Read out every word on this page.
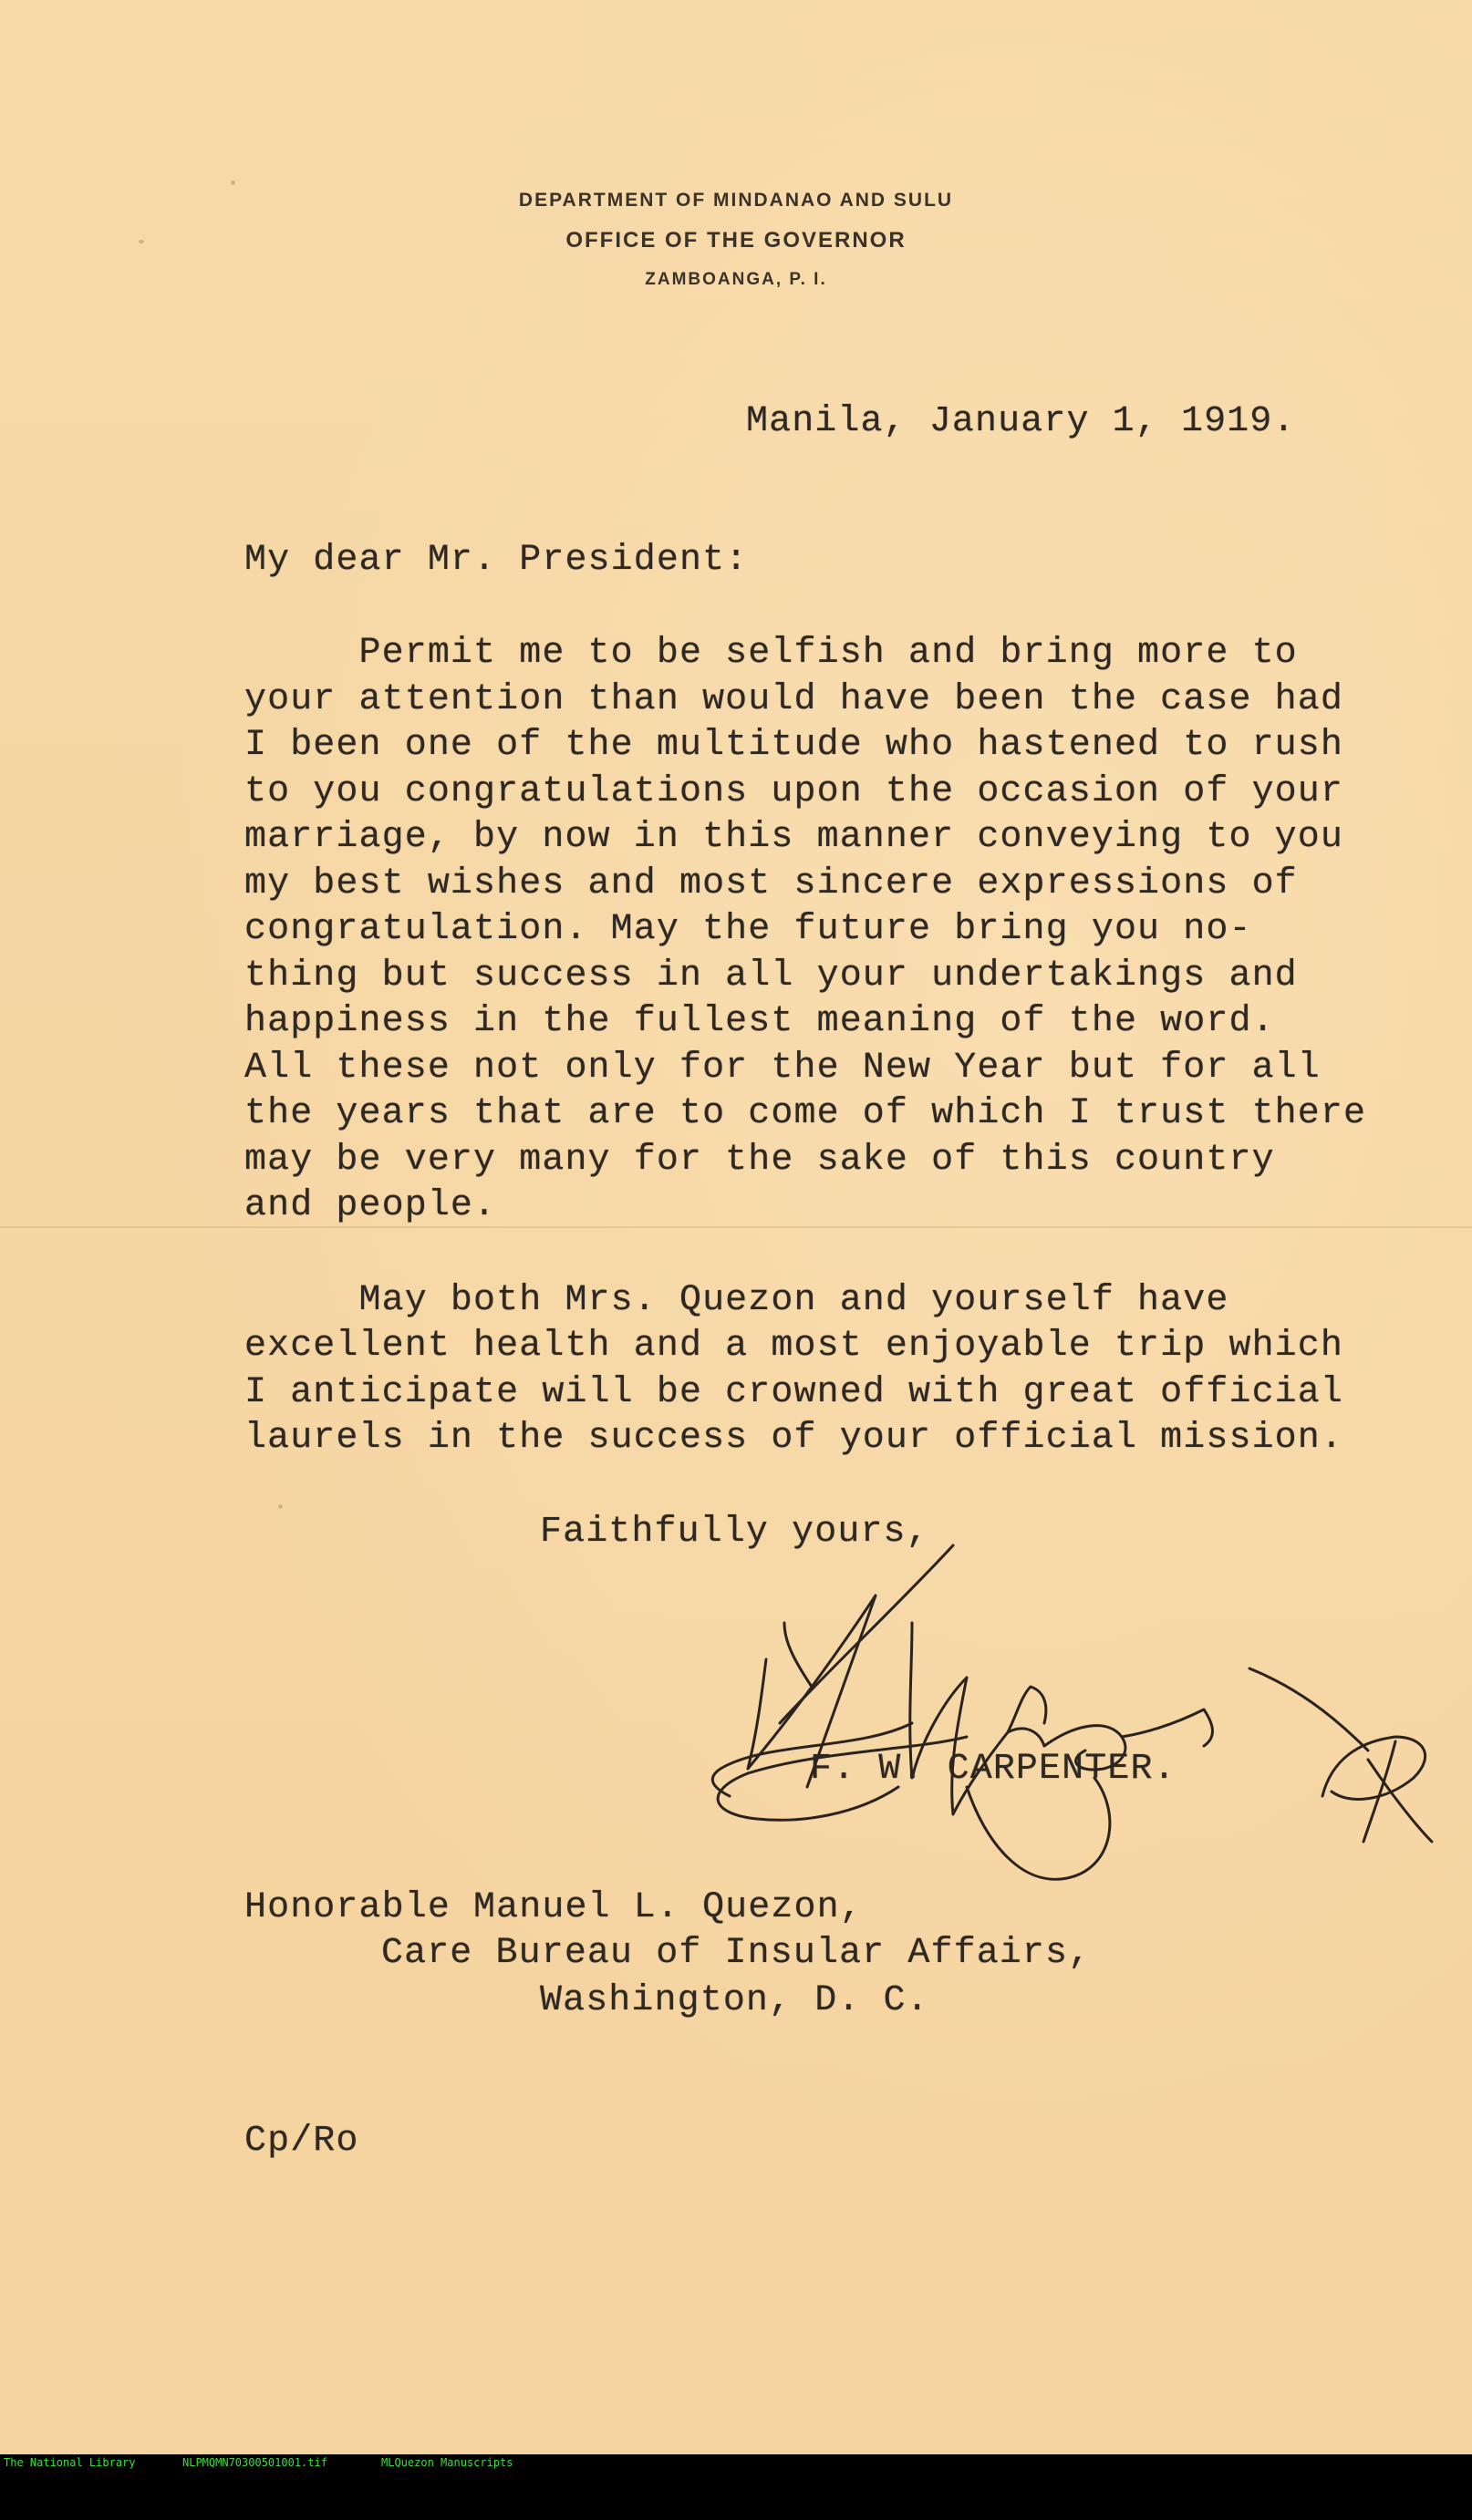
DEPARTMENT OF MINDANAO AND SULU
OFFICE OF THE GOVERNOR
ZAMBOANGA, P. I.
Manila, January 1, 1919.
My dear Mr. President:

Permit me to be selfish and bring more to

your attention than would have been the case had

I been one of the multitude who hastened to rush

to you congratulations upon the occasion of your

marriage, by now in this manner conveying to you

my best wishes and most sincere expressions of

congratulation. May the future bring you no-

thing but success in all your undertakings and

happiness in the fullest meaning of the word.

All these not only for the New Year but for all

the years that are to come of which I trust there

may be very many for the sake of this country

and people.

May both Mrs. Quezon and yourself have

excellent health and a most enjoyable trip which

I anticipate will be crowned with great official

laurels in the success of your official mission.

Faithfully yours,
F. W. CARPENTER.
Honorable Manuel L. Quezon,
Care Bureau of Insular Affairs,
Washington, D. C.
Cp/Ro

The National Library

	NLPMQMN70300501001.tif

	MLQuezon Manuscripts
